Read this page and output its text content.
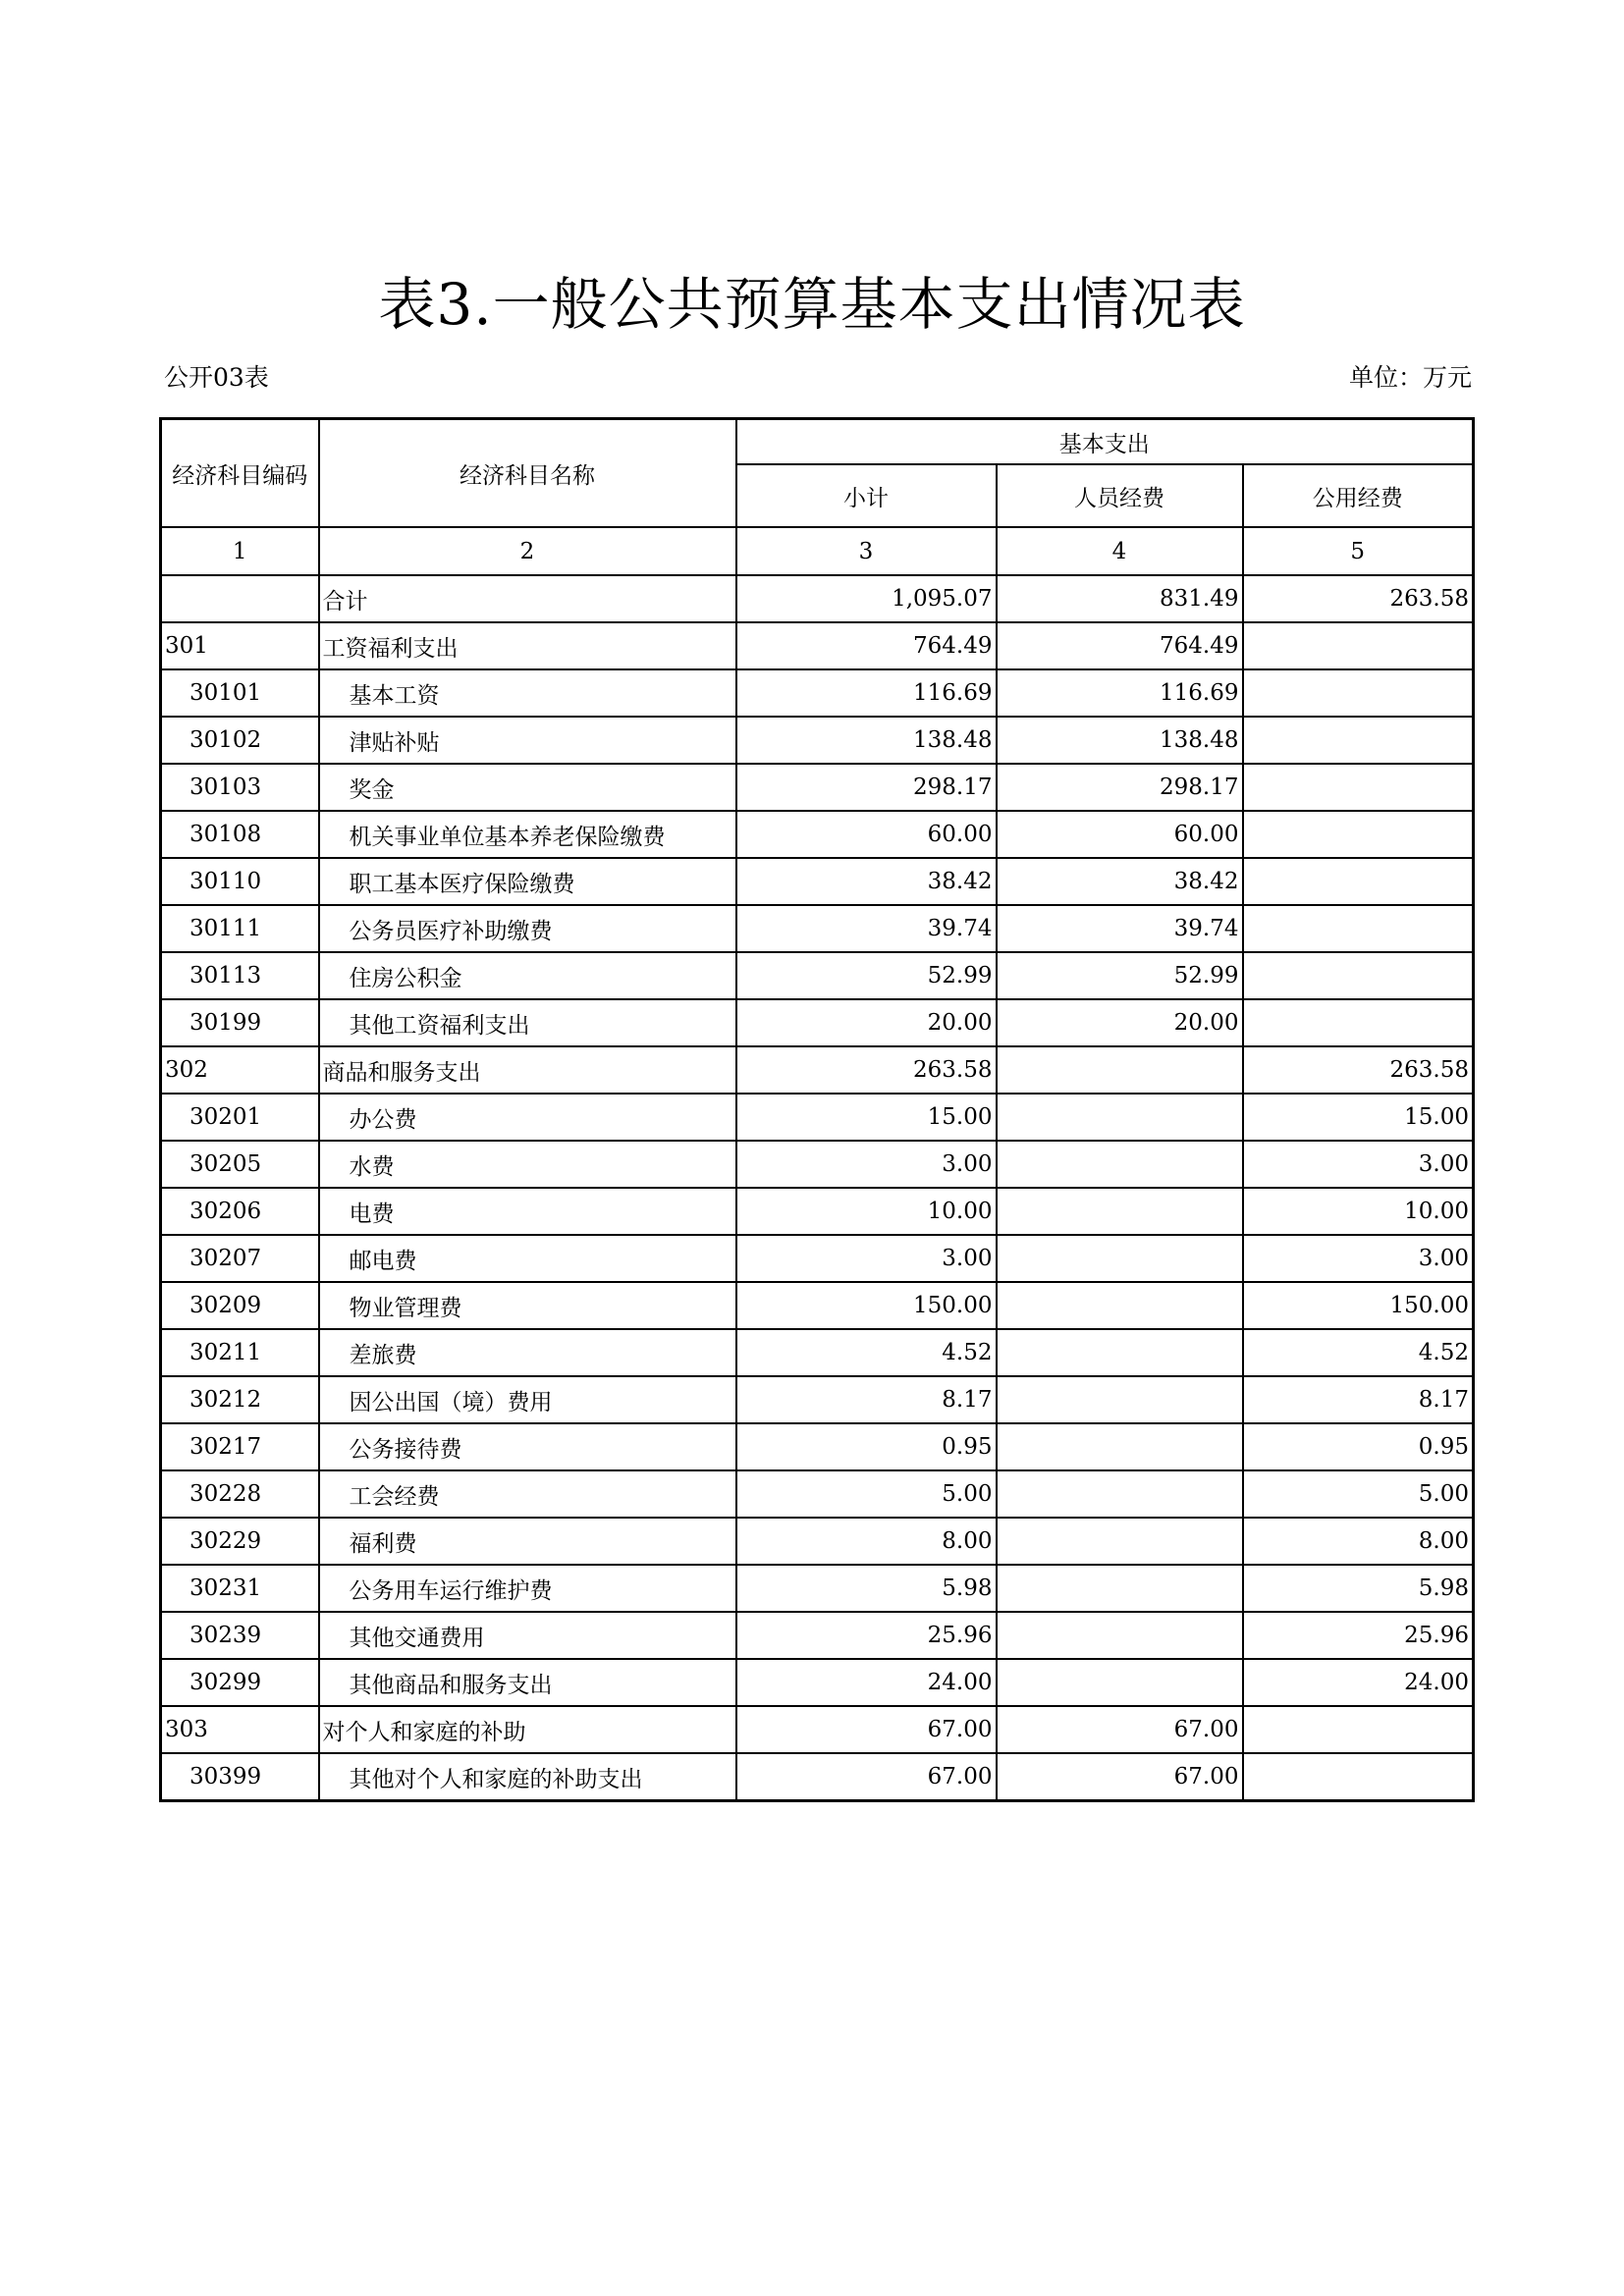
表3.一般公共预算基本支出情况表
公开03表	单位：万元
经济科目编码	经济科目名称	基本支出		
		小计	人员经费	公用经费
1	2	3	4	5
	合计	1,095.07	831.49	263.58
301	工资福利支出	764.49	764.49	
30101	基本工资	116.69	116.69	
30102	津贴补贴	138.48	138.48	
30103	奖金	298.17	298.17	
30108	机关事业单位基本养老保险缴费	60.00	60.00	
30110	职工基本医疗保险缴费	38.42	38.42	
30111	公务员医疗补助缴费	39.74	39.74	
30113	住房公积金	52.99	52.99	
30199	其他工资福利支出	20.00	20.00	
302	商品和服务支出	263.58		263.58
30201	办公费	15.00		15.00
30205	水费	3.00		3.00
30206	电费	10.00		10.00
30207	邮电费	3.00		3.00
30209	物业管理费	150.00		150.00
30211	差旅费	4.52		4.52
30212	因公出国（境）费用	8.17		8.17
30217	公务接待费	0.95		0.95
30228	工会经费	5.00		5.00
30229	福利费	8.00		8.00
30231	公务用车运行维护费	5.98		5.98
30239	其他交通费用	25.96		25.96
30299	其他商品和服务支出	24.00		24.00
303	对个人和家庭的补助	67.00	67.00	
30399	其他对个人和家庭的补助支出	67.00	67.00	
